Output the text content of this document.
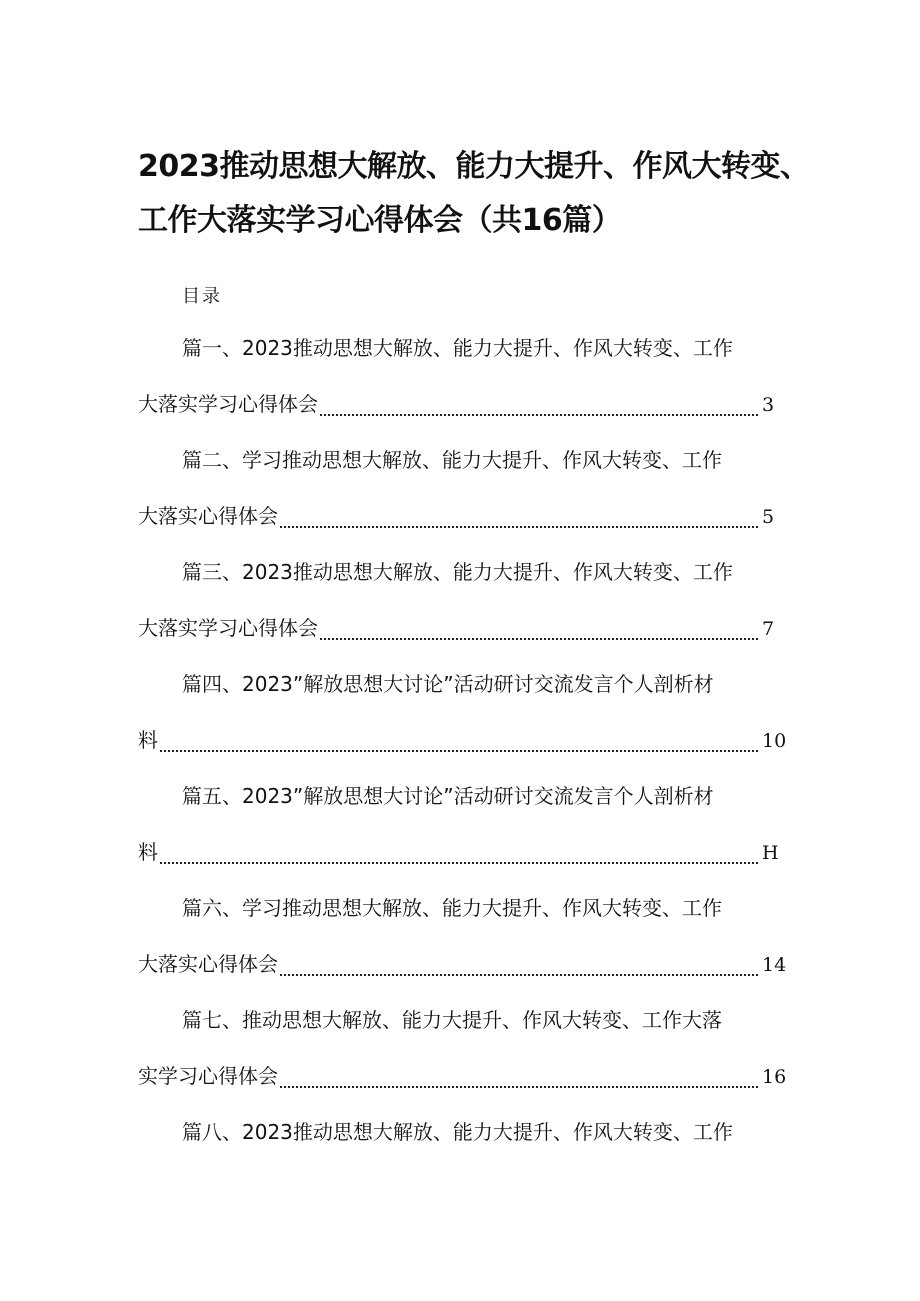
2023推动思想大解放、能力大提升、作风大转变、
工作大落实学习心得体会（共16篇）
目录
篇一、2023推动思想大解放、能力大提升、作风大转变、工作
大落实学习心得体会	3
篇二、学习推动思想大解放、能力大提升、作风大转变、工作
大落实心得体会	5
篇三、2023推动思想大解放、能力大提升、作风大转变、工作
大落实学习心得体会	7
篇四、2023”解放思想大讨论”活动研讨交流发言个人剖析材
料	10
篇五、2023”解放思想大讨论”活动研讨交流发言个人剖析材
料	H
篇六、学习推动思想大解放、能力大提升、作风大转变、工作
大落实心得体会	14
篇七、推动思想大解放、能力大提升、作风大转变、工作大落
实学习心得体会	16
篇八、2023推动思想大解放、能力大提升、作风大转变、工作
